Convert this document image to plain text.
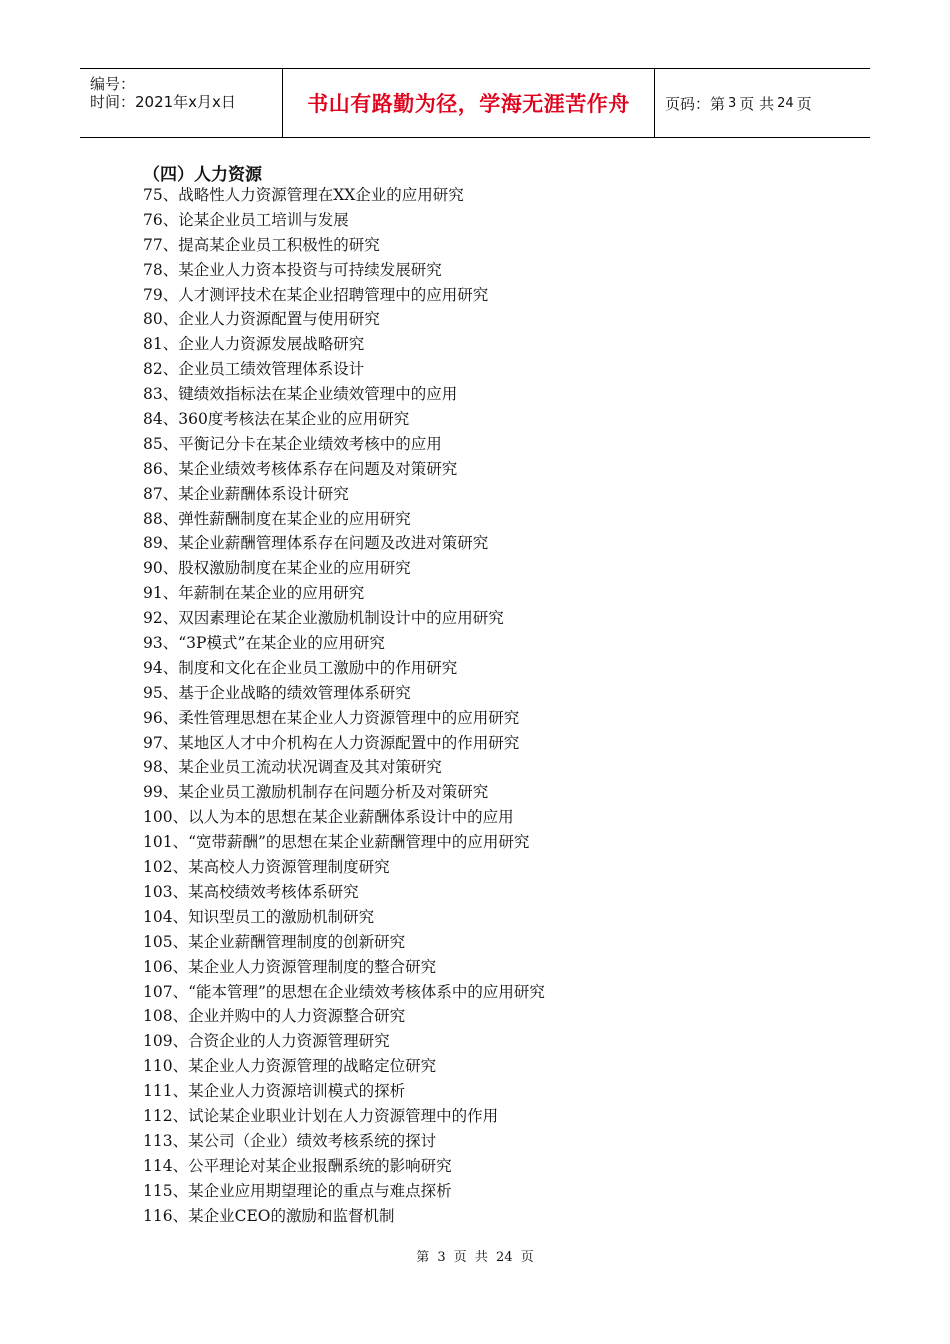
编号：
时间：2021年x月x日	书山有路勤为径，学海无涯苦作舟 页码：第 3 页 共 24 页
（四）人力资源
75、战略性人力资源管理在XX企业的应用研究
76、论某企业员工培训与发展
77、提高某企业员工积极性的研究
78、某企业人力资本投资与可持续发展研究
79、人才测评技术在某企业招聘管理中的应用研究
80、企业人力资源配置与使用研究
81、企业人力资源发展战略研究
82、企业员工绩效管理体系设计
83、键绩效指标法在某企业绩效管理中的应用
84、360度考核法在某企业的应用研究
85、平衡记分卡在某企业绩效考核中的应用
86、某企业绩效考核体系存在问题及对策研究
87、某企业薪酬体系设计研究
88、弹性薪酬制度在某企业的应用研究
89、某企业薪酬管理体系存在问题及改进对策研究
90、股权激励制度在某企业的应用研究
91、年薪制在某企业的应用研究
92、双因素理论在某企业激励机制设计中的应用研究
93、“3P模式”在某企业的应用研究
94、制度和文化在企业员工激励中的作用研究
95、基于企业战略的绩效管理体系研究
96、柔性管理思想在某企业人力资源管理中的应用研究
97、某地区人才中介机构在人力资源配置中的作用研究
98、某企业员工流动状况调查及其对策研究
99、某企业员工激励机制存在问题分析及对策研究
100、以人为本的思想在某企业薪酬体系设计中的应用
101、“宽带薪酬”的思想在某企业薪酬管理中的应用研究
102、某高校人力资源管理制度研究
103、某高校绩效考核体系研究
104、知识型员工的激励机制研究
105、某企业薪酬管理制度的创新研究
106、某企业人力资源管理制度的整合研究
107、“能本管理”的思想在企业绩效考核体系中的应用研究
108、企业并购中的人力资源整合研究
109、合资企业的人力资源管理研究
110、某企业人力资源管理的战略定位研究
111、某企业人力资源培训模式的探析
112、试论某企业职业计划在人力资源管理中的作用
113、某公司（企业）绩效考核系统的探讨
114、公平理论对某企业报酬系统的影响研究
115、某企业应用期望理论的重点与难点探析
116、某企业CEO的激励和监督机制
第 3 页 共 24 页
